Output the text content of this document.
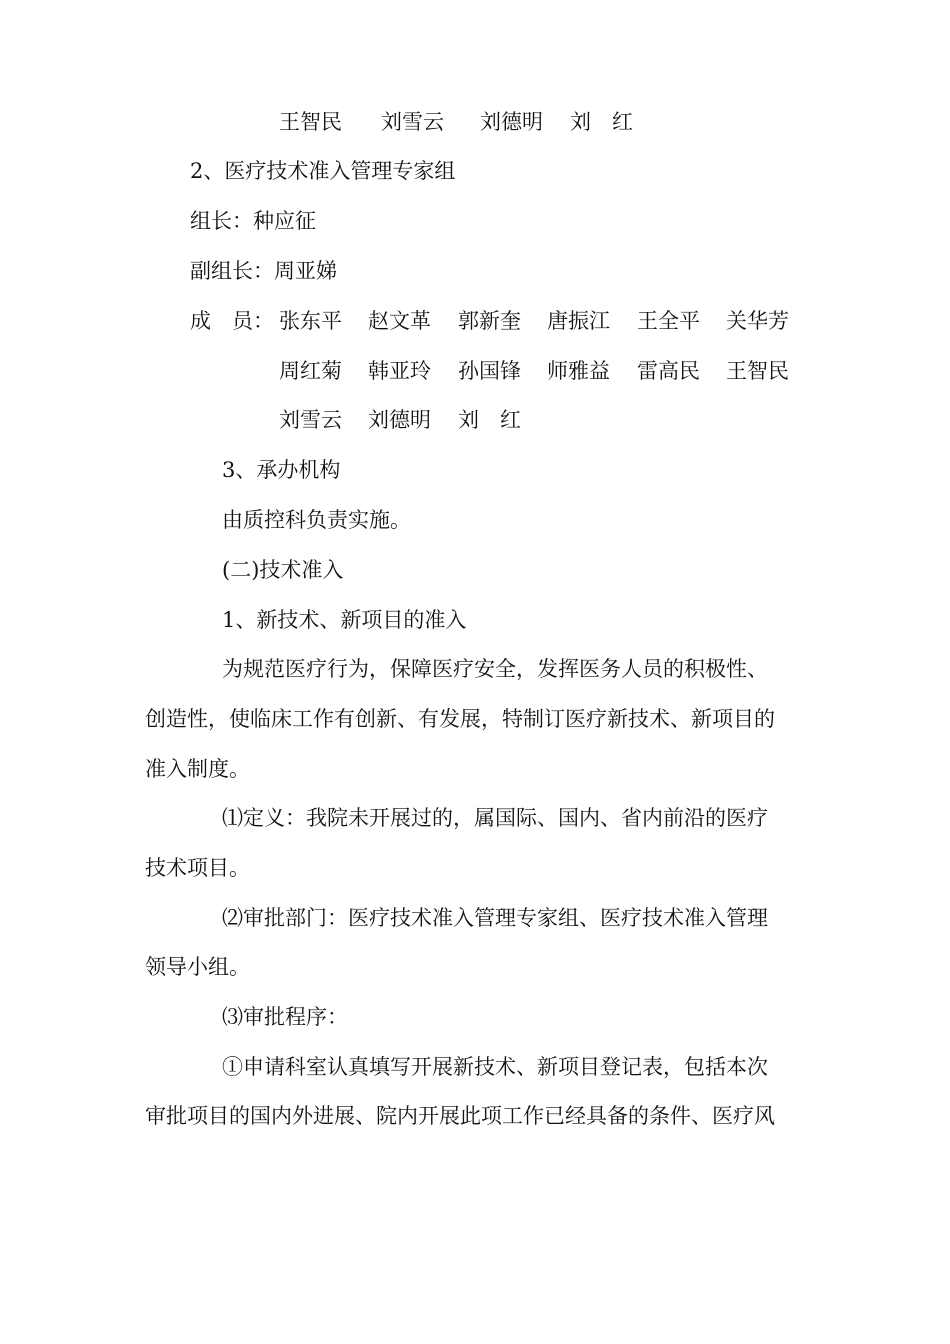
王智民 刘雪云 刘德明 刘　红
2、医疗技术准入管理专家组
组长：种应征
副组长：周亚娣
成　员： 张东平 赵文革 郭新奎 唐振江 王全平 关华芳
周红菊 韩亚玲 孙国锋 师雅益 雷高民 王智民
刘雪云 刘德明 刘　红
3、承办机构
由质控科负责实施。
(二)技术准入
1、新技术、新项目的准入
为规范医疗行为，保障医疗安全，发挥医务人员的积极性、
创造性，使临床工作有创新、有发展，特制订医疗新技术、新项目的
准入制度。
⑴定义：我院未开展过的，属国际、国内、省内前沿的医疗
技术项目。
⑵审批部门：医疗技术准入管理专家组、医疗技术准入管理
领导小组。
⑶审批程序：
①申请科室认真填写开展新技术、新项目登记表，包括本次
审批项目的国内外进展、院内开展此项工作已经具备的条件、医疗风
